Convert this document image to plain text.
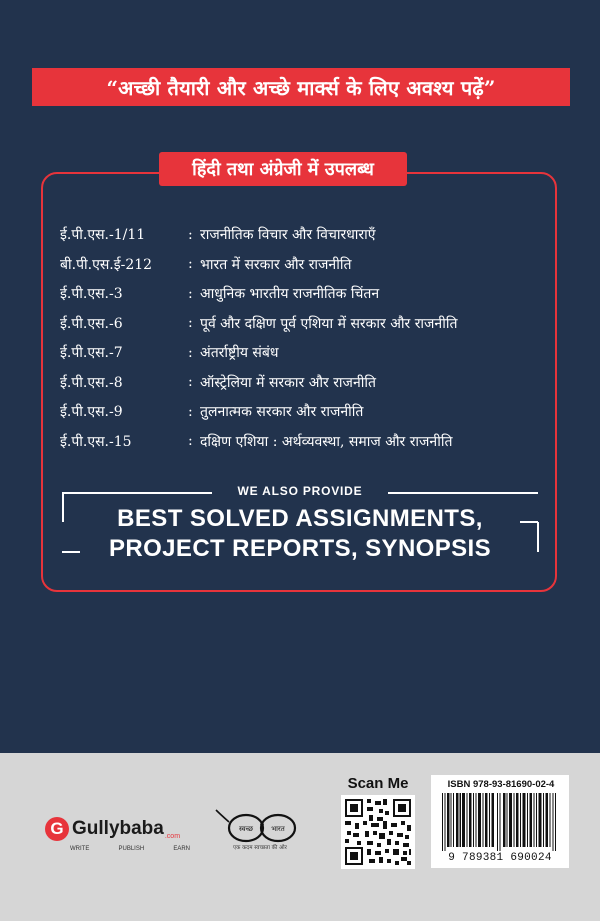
“अच्छी तैयारी और अच्छे मार्क्स के लिए अवश्य पढ़ें”
हिंदी तथा अंग्रेजी में उपलब्ध
ई.पी.एस.-1/11	: राजनीतिक विचार और विचारधाराएँ
बी.पी.एस.ई-212	: भारत में सरकार और राजनीति
ई.पी.एस.-3	: आधुनिक भारतीय राजनीतिक चिंतन
ई.पी.एस.-6	: पूर्व और दक्षिण पूर्व एशिया में सरकार और राजनीति
ई.पी.एस.-7	: अंतर्राष्ट्रीय संबंध
ई.पी.एस.-8	: ऑस्ट्रेलिया में सरकार और राजनीति
ई.पी.एस.-9	: तुलनात्मक सरकार और राजनीति
ई.पी.एस.-15	: दक्षिण एशिया : अर्थव्यवस्था, समाज और राजनीति
WE ALSO PROVIDE
BEST SOLVED ASSIGNMENTS,
PROJECT REPORTS, SYNOPSIS
G Gullybaba .com
WRITE	PUBLISH	EARN
स्वच्छ	भारत
एक कदम स्वच्छता की ओर
Scan Me	ISBN 978-93-81690-02-4
9 789381 690024
